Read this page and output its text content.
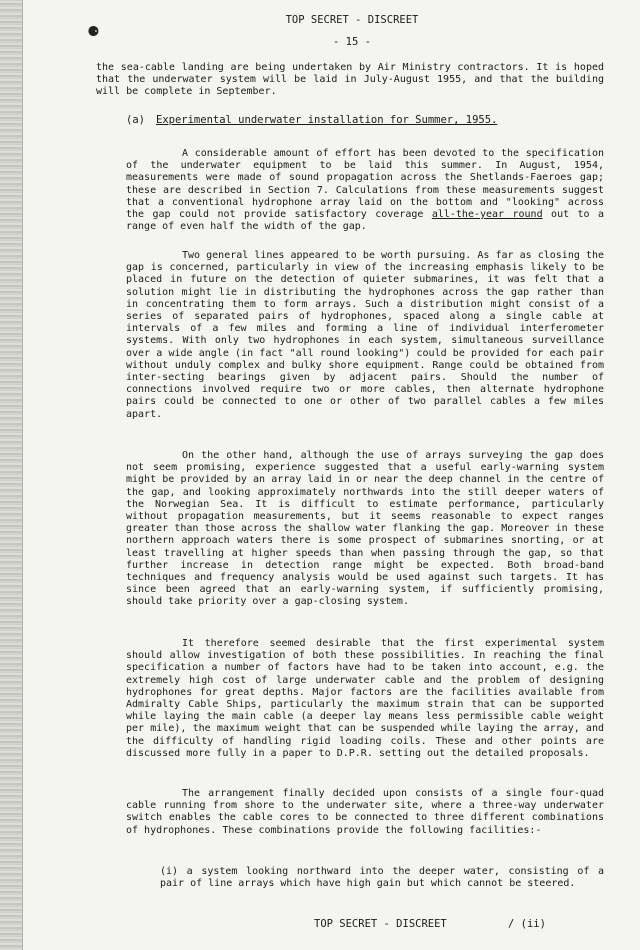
⚈	TOP SECRET - DISCREET
- 15 -

the sea-cable landing are being undertaken by Air Ministry contractors. It is hoped that the underwater system will be laid in July-August 1955, and that the building will be complete in September.

(a) Experimental underwater installation for Summer, 1955.

A considerable amount of effort has been devoted to the specification of the underwater equipment to be laid this summer. In August, 1954, measurements were made of sound propagation across the Shetlands-Faeroes gap; these are described in Section 7. Calculations from these measurements suggest that a conventional hydrophone array laid on the bottom and "looking" across the gap could not provide satisfactory coverage all-the-year round out to a range of even half the width of the gap.

Two general lines appeared to be worth pursuing. As far as closing the gap is concerned, particularly in view of the increasing emphasis likely to be placed in future on the detection of quieter submarines, it was felt that a solution might lie in distributing the hydrophones across the gap rather than in concentrating them to form arrays. Such a distribution might consist of a series of separated pairs of hydrophones, spaced along a single cable at intervals of a few miles and forming a line of individual interferometer systems. With only two hydrophones in each system, simultaneous surveillance over a wide angle (in fact "all round looking") could be provided for each pair without unduly complex and bulky shore equipment. Range could be obtained from inter-secting bearings given by adjacent pairs. Should the number of connections involved require two or more cables, then alternate hydrophone pairs could be connected to one or other of two parallel cables a few miles apart.

On the other hand, although the use of arrays surveying the gap does not seem promising, experience suggested that a useful early-warning system might be provided by an array laid in or near the deep channel in the centre of the gap, and looking approximately northwards into the still deeper waters of the Norwegian Sea. It is difficult to estimate performance, particularly without propagation measurements, but it seems reasonable to expect ranges greater than those across the shallow water flanking the gap. Moreover in these northern approach waters there is some prospect of submarines snorting, or at least travelling at higher speeds than when passing through the gap, so that further increase in detection range might be expected. Both broad-band techniques and frequency analysis would be used against such targets. It has since been agreed that an early-warning system, if sufficiently promising, should take priority over a gap-closing system.

It therefore seemed desirable that the first experimental system should allow investigation of both these possibilities. In reaching the final specification a number of factors have had to be taken into account, e.g. the extremely high cost of large underwater cable and the problem of designing hydrophones for great depths. Major factors are the facilities available from Admiralty Cable Ships, particularly the maximum strain that can be supported while laying the main cable (a deeper lay means less permissible cable weight per mile), the maximum weight that can be suspended while laying the array, and the difficulty of handling rigid loading coils. These and other points are discussed more fully in a paper to D.P.R. setting out the detailed proposals.

The arrangement finally decided upon consists of a single four-quad cable running from shore to the underwater site, where a three-way underwater switch enables the cable cores to be connected to three different combinations of hydrophones. These combinations provide the following facilities:-

(i) a system looking northward into the deeper water, consisting of a pair of line arrays which have high gain but which cannot be steered.

TOP SECRET - DISCREET	/ (ii)
